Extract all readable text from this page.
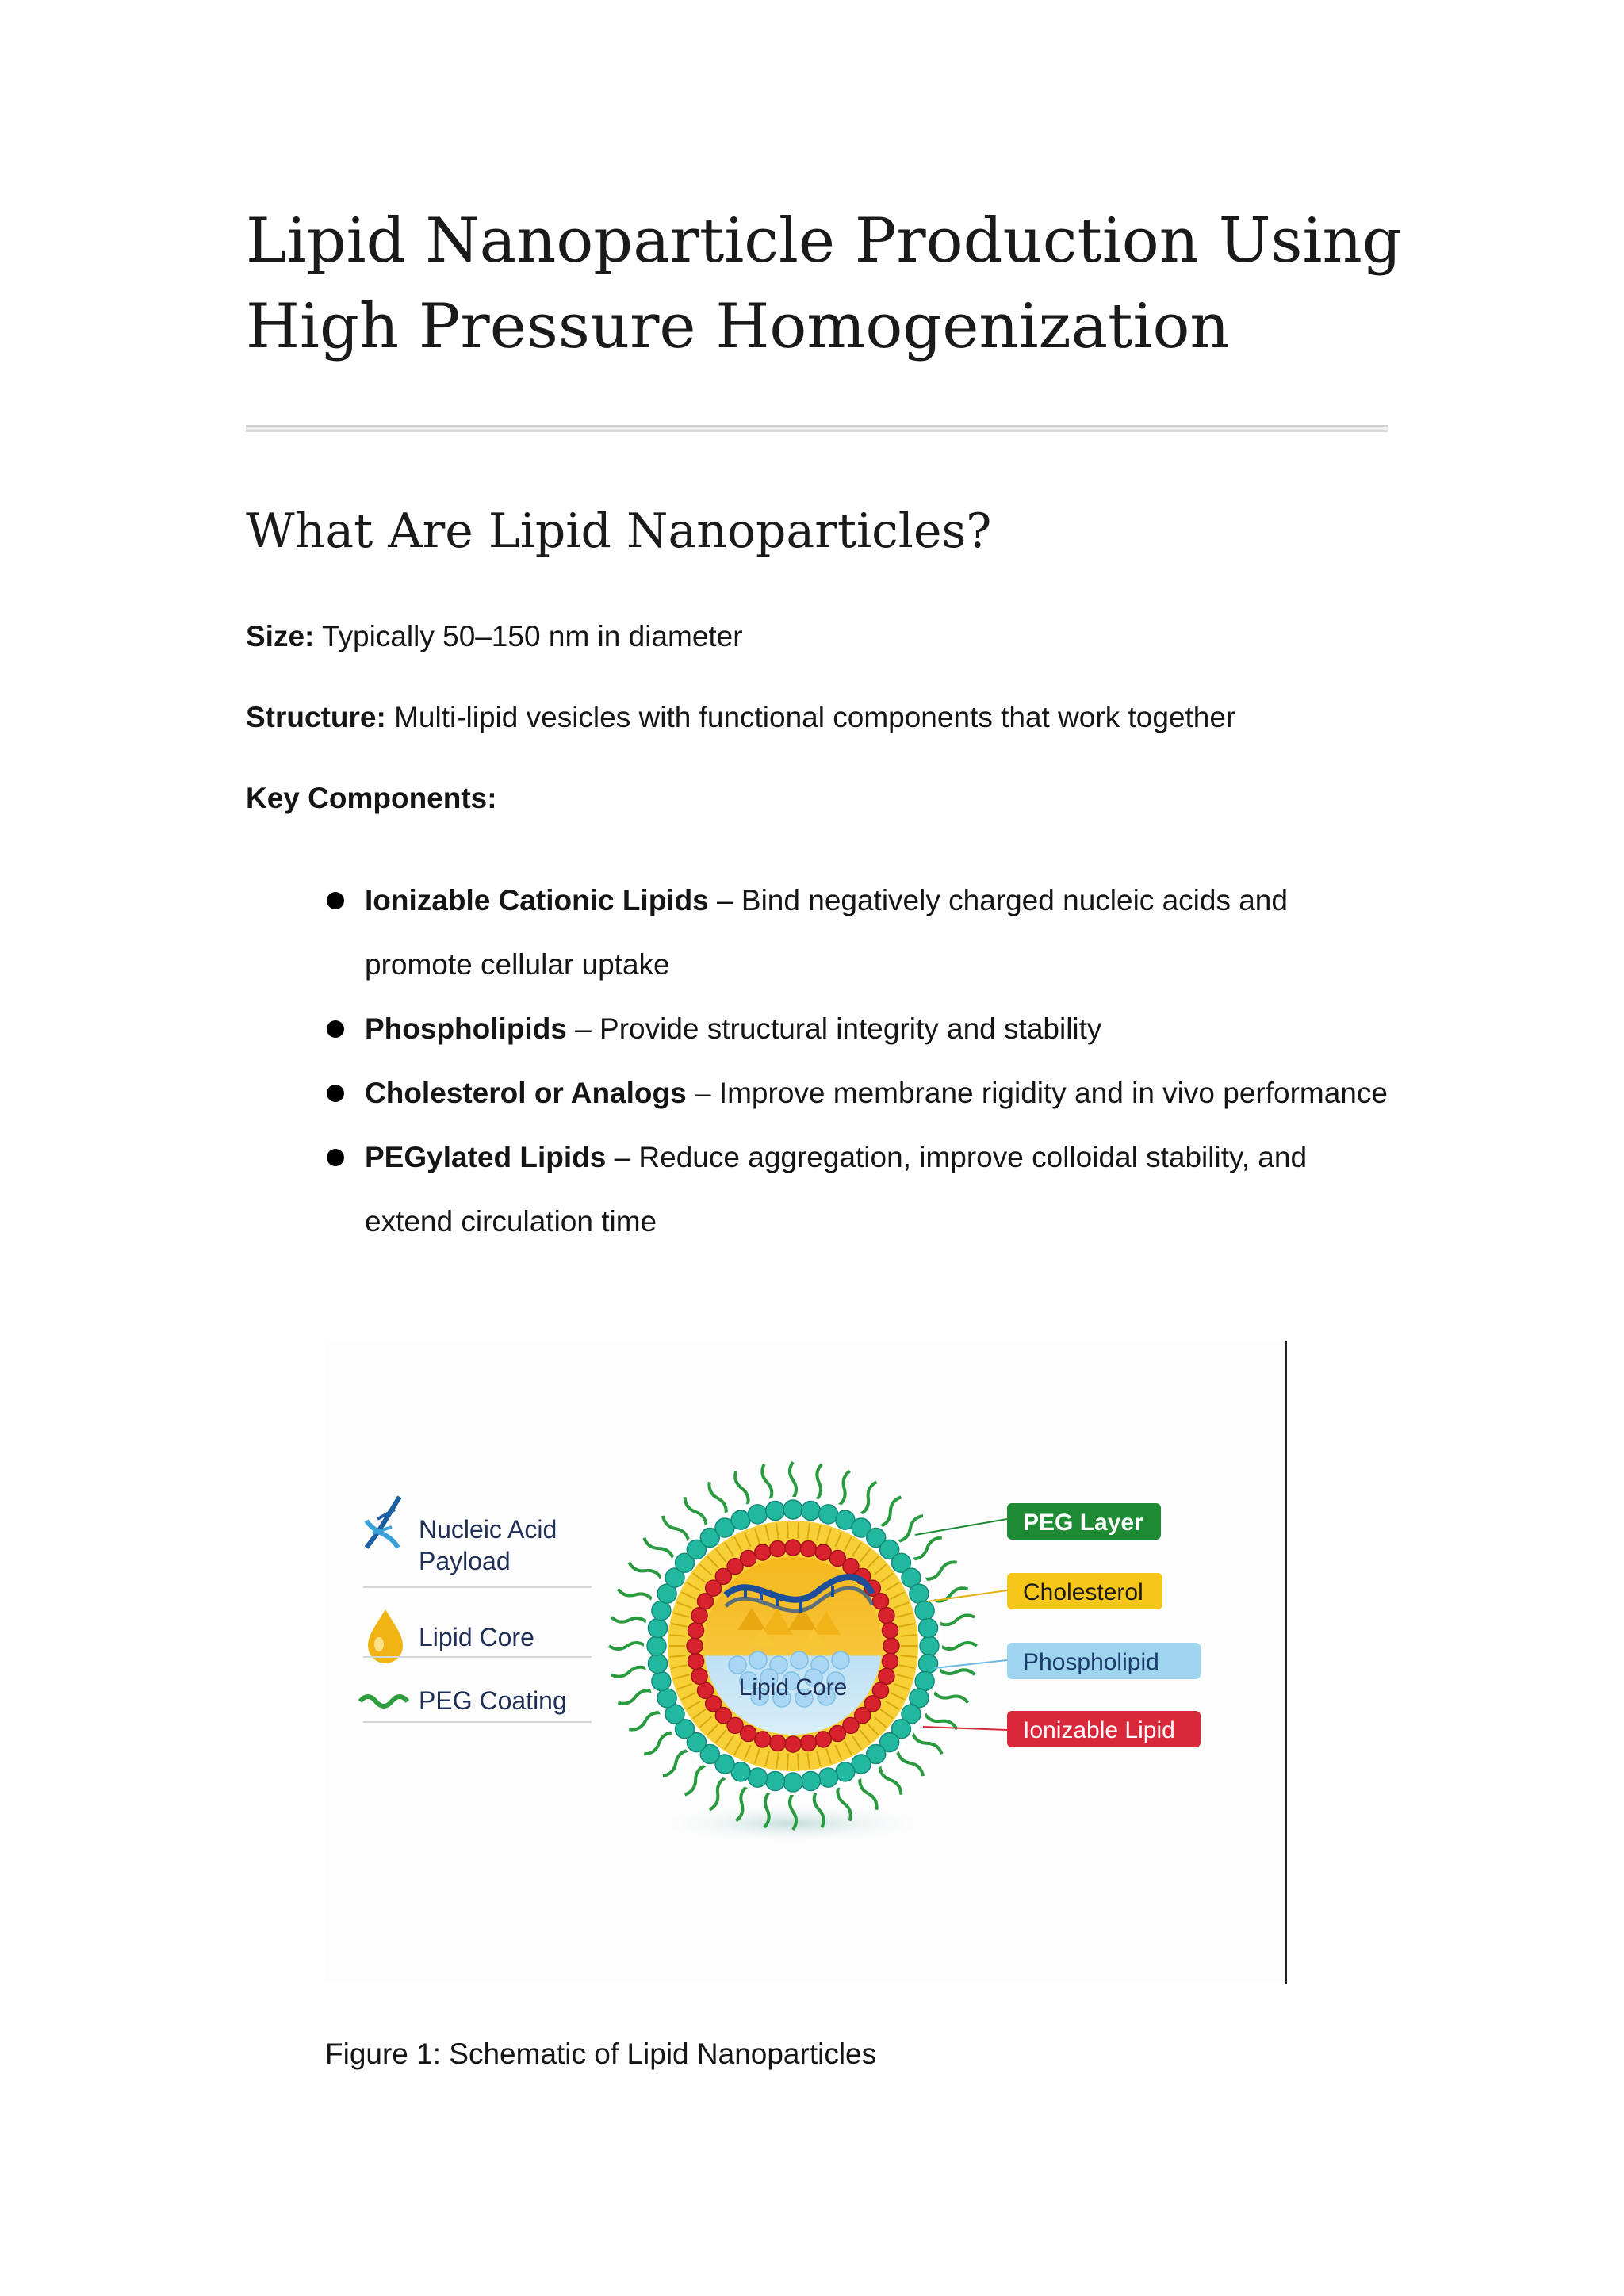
Lipid Nanoparticle Production Using High Pressure Homogenization
What Are Lipid Nanoparticles?
Size: Typically 50–150 nm in diameter
Structure: Multi-lipid vesicles with functional components that work together
Key Components:
Ionizable Cationic Lipids – Bind negatively charged nucleic acids and promote cellular uptake
Phospholipids – Provide structural integrity and stability
Cholesterol or Analogs – Improve membrane rigidity and in vivo performance
PEGylated Lipids – Reduce aggregation, improve colloidal stability, and extend circulation time
Nucleic Acid
Payload
Lipid Core
PEG Coating	Lipid Core
PEG Layer
Cholesterol
Phospholipid
Ionizable Lipid
Figure 1: Schematic of Lipid Nanoparticles
